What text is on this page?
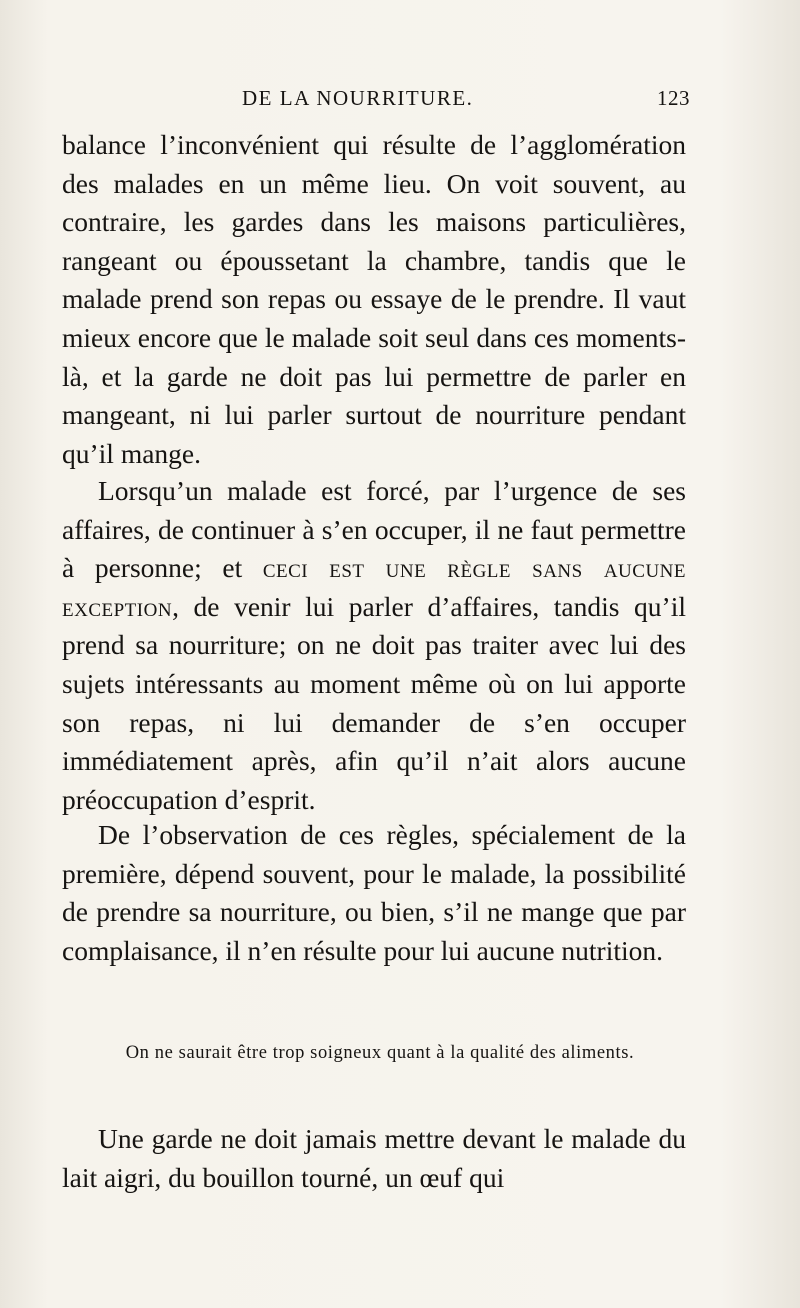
DE LA NOURRITURE.	123

balance l’inconvénient qui résulte de l’agglomération des malades en un même lieu. On voit souvent, au contraire, les gardes dans les maisons particulières, rangeant ou époussetant la chambre, tandis que le malade prend son repas ou essaye de le prendre. Il vaut mieux encore que le malade soit seul dans ces moments-là, et la garde ne doit pas lui permettre de parler en mangeant, ni lui parler surtout de nourriture pendant qu’il mange.

Lorsqu’un malade est forcé, par l’urgence de ses affaires, de continuer à s’en occuper, il ne faut permettre à personne; et ceci est une règle sans aucune exception, de venir lui parler d’affaires, tandis qu’il prend sa nourriture; on ne doit pas traiter avec lui des sujets intéressants au moment même où on lui apporte son repas, ni lui demander de s’en occuper immédiatement après, afin qu’il n’ait alors aucune préoccupation d’esprit.

De l’observation de ces règles, spécialement de la première, dépend souvent, pour le malade, la possibilité de prendre sa nourriture, ou bien, s’il ne mange que par complaisance, il n’en résulte pour lui aucune nutrition.

On ne saurait être trop soigneux quant à la qualité des aliments.

Une garde ne doit jamais mettre devant le malade du lait aigri, du bouillon tourné, un œuf qui
